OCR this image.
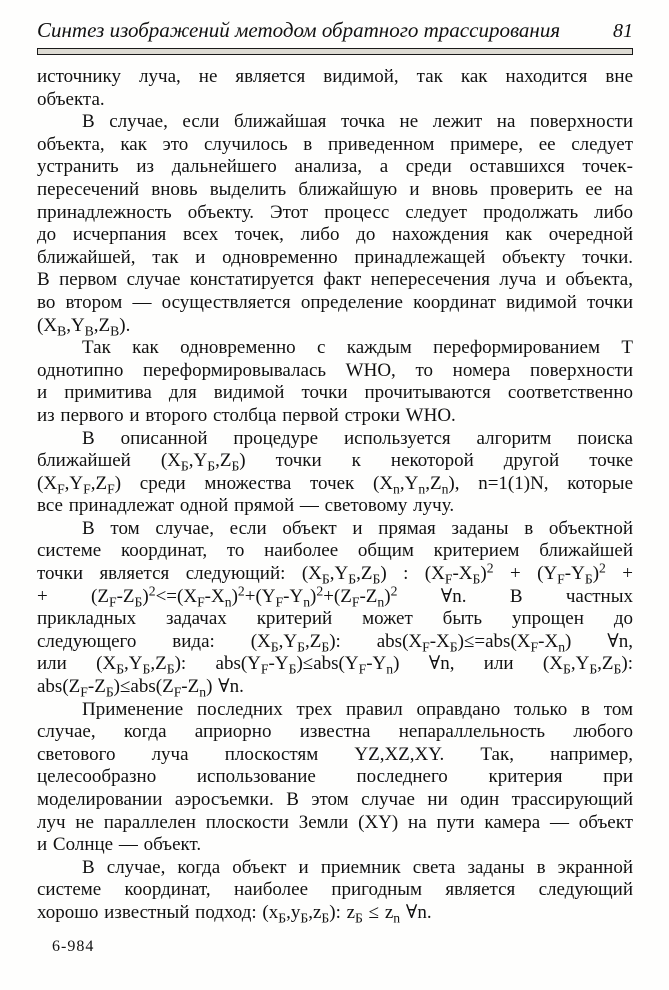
Синтез изображений методом обратного трассирования	81
источнику луча, не является видимой, так как находится вне
объекта.
В случае, если ближайшая точка не лежит на поверхности
объекта, как это случилось в приведенном примере, ее следует
устранить из дальнейшего анализа, а среди оставшихся точек-
пересечений вновь выделить ближайшую и вновь проверить ее на
принадлежность объекту. Этот процесс следует продолжать либо
до исчерпания всех точек, либо до нахождения как очередной
ближайшей, так и одновременно принадлежащей объекту точки.
В первом случае констатируется факт непересечения луча и объекта,
во втором — осуществляется определение координат видимой точки
$(X_В,Y_В,Z_В)$.
Так как одновременно с каждым переформированием Т
однотипно переформировывалась WHO, то номера поверхности
и примитива для видимой точки прочитываются соответственно
из первого и второго столбца первой строки WHO.
В описанной процедуре используется алгоритм поиска
ближайшей $(X_Б,Y_Б,Z_Б)$ точки к некоторой другой точке
$(X_F,Y_F,Z_F)$ среди множества точек $(X_n,Y_n,Z_n)$, n=1(1)N, которые
все принадлежат одной прямой — световому лучу.
В том случае, если объект и прямая заданы в объектной
системе координат, то наиболее общим критерием ближайшей
точки является следующий: $(X_Б,Y_Б,Z_Б)$ : $(X_F-X_Б)^2 + (Y_F-Y_Б)^2$ +
+ $(Z_F-Z_Б)^2<=(X_F-X_n)^2+(Y_F-Y_n)^2+(Z_F-Z_n)^2$ ∀n. В частных
прикладных задачах критерий может быть упрощен до
следующего вида: $(X_Б,Y_Б,Z_Б)$: $abs(X_F-X_Б)\le=abs(X_F-X_n)$ ∀n,
или $(X_Б,Y_Б,Z_Б)$: $abs(Y_F-Y_Б)\le abs(Y_F-Y_n)$ ∀n, или $(X_Б,Y_Б,Z_Б)$:
$abs(Z_F-Z_Б)\le abs(Z_F-Z_n)$ ∀n.
Применение последних трех правил оправдано только в том
случае, когда априорно известна непараллельность любого
светового луча плоскостям YZ,XZ,XY. Так, например,
целесообразно использование последнего критерия при
моделировании аэросъемки. В этом случае ни один трассирующий
луч не параллелен плоскости Земли (XY) на пути камера — объект
и Солнце — объект.
В случае, когда объект и приемник света заданы в экранной
системе координат, наиболее пригодным является следующий
хорошо известный подход: $(x_Б,y_Б,z_Б)$: $z_Б \le z_n$ ∀n.
6-984
